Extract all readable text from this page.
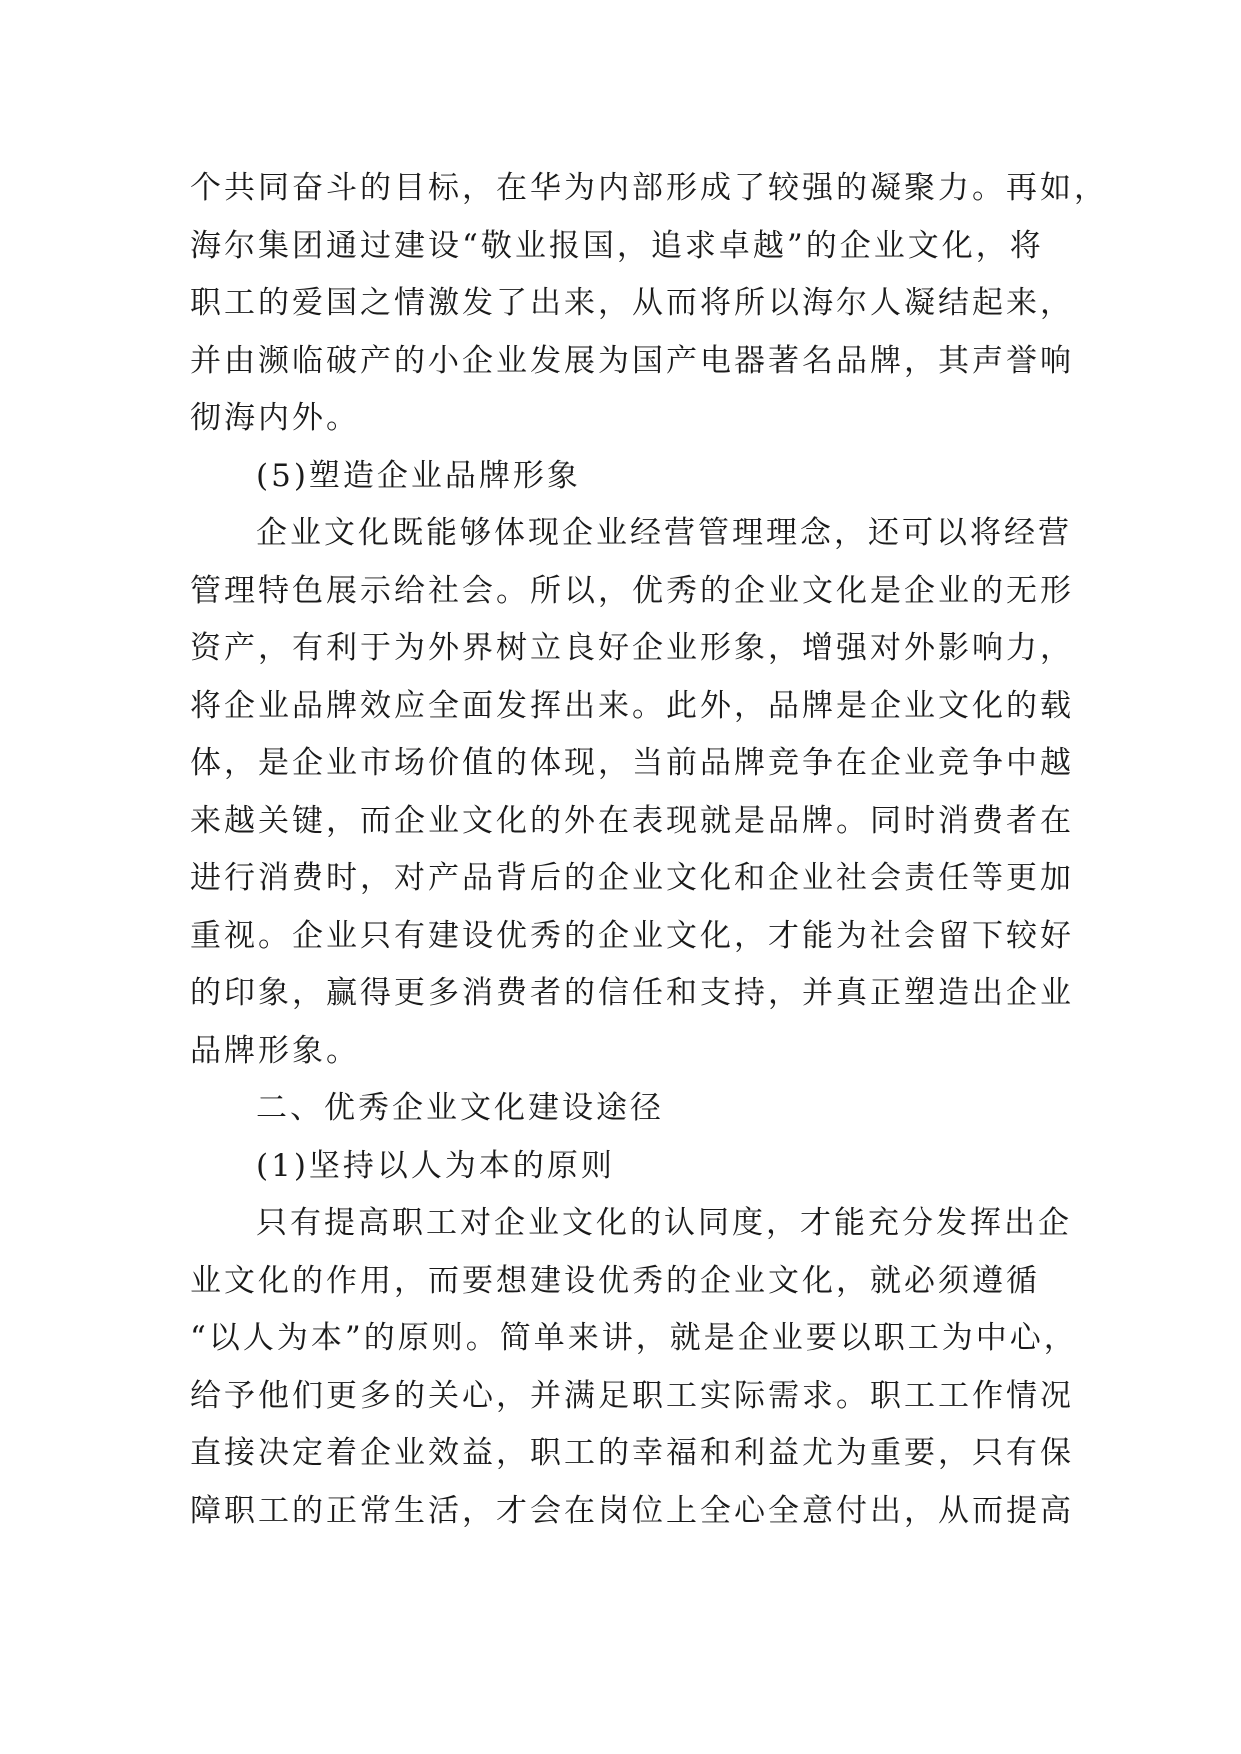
个共同奋斗的目标，在华为内部形成了较强的凝聚力。再如，
海尔集团通过建设“敬业报国，追求卓越”的企业文化，将
职工的爱国之情激发了出来，从而将所以海尔人凝结起来，
并由濒临破产的小企业发展为国产电器著名品牌，其声誉响
彻海内外。
(5)塑造企业品牌形象
企业文化既能够体现企业经营管理理念，还可以将经营
管理特色展示给社会。所以，优秀的企业文化是企业的无形
资产，有利于为外界树立良好企业形象，增强对外影响力，
将企业品牌效应全面发挥出来。此外，品牌是企业文化的载
体，是企业市场价值的体现，当前品牌竞争在企业竞争中越
来越关键，而企业文化的外在表现就是品牌。同时消费者在
进行消费时，对产品背后的企业文化和企业社会责任等更加
重视。企业只有建设优秀的企业文化，才能为社会留下较好
的印象，赢得更多消费者的信任和支持，并真正塑造出企业
品牌形象。
二、优秀企业文化建设途径
(1)坚持以人为本的原则
只有提高职工对企业文化的认同度，才能充分发挥出企
业文化的作用，而要想建设优秀的企业文化，就必须遵循
“以人为本”的原则。简单来讲，就是企业要以职工为中心，
给予他们更多的关心，并满足职工实际需求。职工工作情况
直接决定着企业效益，职工的幸福和利益尤为重要，只有保
障职工的正常生活，才会在岗位上全心全意付出，从而提高
